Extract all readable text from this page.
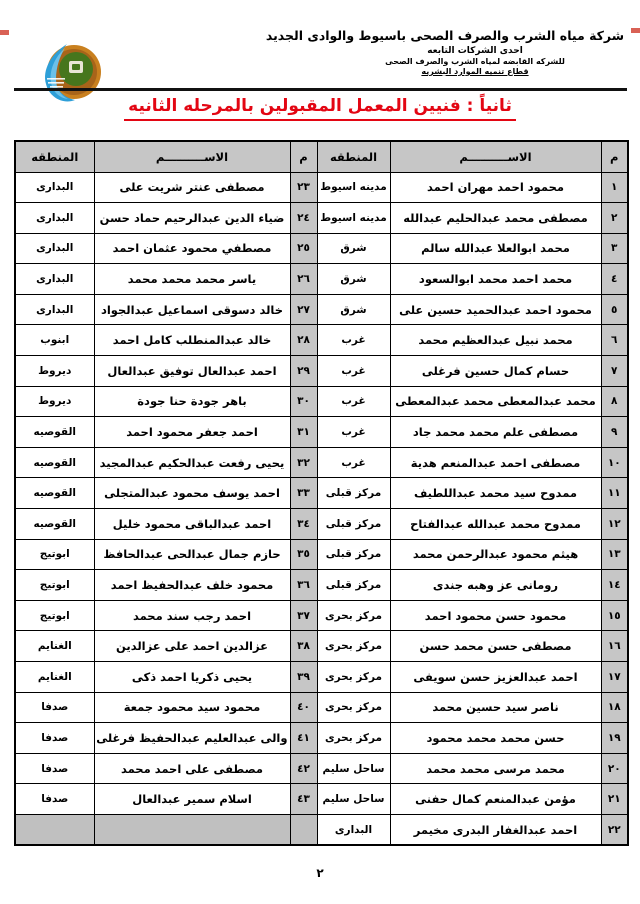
شركة مياه الشرب والصرف الصحى باسيوط والوادى الجديد
احدى الشركات التابعه
للشركه القابضه لمياه الشرب والصرف الصحى
قطاع تنميه الموارد البشريه
ثانياً : فنيين المعمل المقبولين بالمرحله الثانيه
م	الاســــــــــم	المنطقه	م	الاســــــــــم	المنطقه
١	محمود احمد مهران احمد	مدينه اسيوط	٢٣	مصطفى عنتر شريت على	البدارى
٢	مصطفى محمد عبدالحليم عبدالله	مدينه اسيوط	٢٤	ضياء الدين عبدالرحيم حماد حسن	البدارى
٣	محمد ابوالعلا عبدالله سالم	شرق	٢٥	مصطفي محمود عثمان احمد	البدارى
٤	محمد احمد محمد ابوالسعود	شرق	٢٦	ياسر محمد محمد محمد	البدارى
٥	محمود احمد عبدالحميد حسين على	شرق	٢٧	خالد دسوقى اسماعيل عبدالجواد	البدارى
٦	محمد نبيل عبدالعظيم محمد	غرب	٢٨	خالد عبدالمنطلب كامل احمد	ابنوب
٧	حسام كمال حسين فرغلى	غرب	٢٩	احمد عبدالعال توفيق عبدالعال	ديروط
٨	محمد عبدالمعطى محمد عبدالمعطى	غرب	٣٠	باهر جودة حنا جودة	ديروط
٩	مصطفى علم محمد محمد جاد	غرب	٣١	احمد جعفر محمود احمد	القوصيه
١٠	مصطفى احمد عبدالمنعم هدية	غرب	٣٢	يحيى رفعت عبدالحكيم عبدالمجيد	القوصيه
١١	ممدوح سيد محمد عبداللطيف	مركز قبلى	٣٣	احمد يوسف محمود عبدالمتجلى	القوصيه
١٢	ممدوح محمد عبدالله عبدالفتاح	مركز قبلى	٣٤	احمد عبدالباقى محمود خليل	القوصيه
١٣	هيثم محمود عبدالرحمن محمد	مركز قبلى	٣٥	حازم جمال عبدالحى عبدالحافظ	ابوتيج
١٤	رومانى عز وهبه جندى	مركز قبلى	٣٦	محمود خلف عبدالحفيظ احمد	ابوتيج
١٥	محمود حسن محمود احمد	مركز بحرى	٣٧	احمد رجب سند محمد	ابوتيج
١٦	مصطفى حسن محمد حسن	مركز بحرى	٣٨	عزالدين احمد على عزالدين	الغنايم
١٧	احمد عبدالعزيز حسن سويفى	مركز بحرى	٣٩	يحيى ذكريا احمد ذكى	الغنايم
١٨	ناصر سيد حسين محمد	مركز بحرى	٤٠	محمود سيد محمود جمعة	صدفا
١٩	حسن محمد محمد محمود	مركز بحرى	٤١	والى عبدالعليم عبدالحفيظ فرغلى	صدفا
٢٠	محمد مرسى محمد محمد	ساحل سليم	٤٢	مصطفى على احمد محمد	صدفا
٢١	مؤمن عبدالمنعم كمال حفنى	ساحل سليم	٤٣	اسلام سمير عبدالعال	صدفا
٢٢	احمد عبدالغفار البدرى مخيمر	البدارى			
٢
